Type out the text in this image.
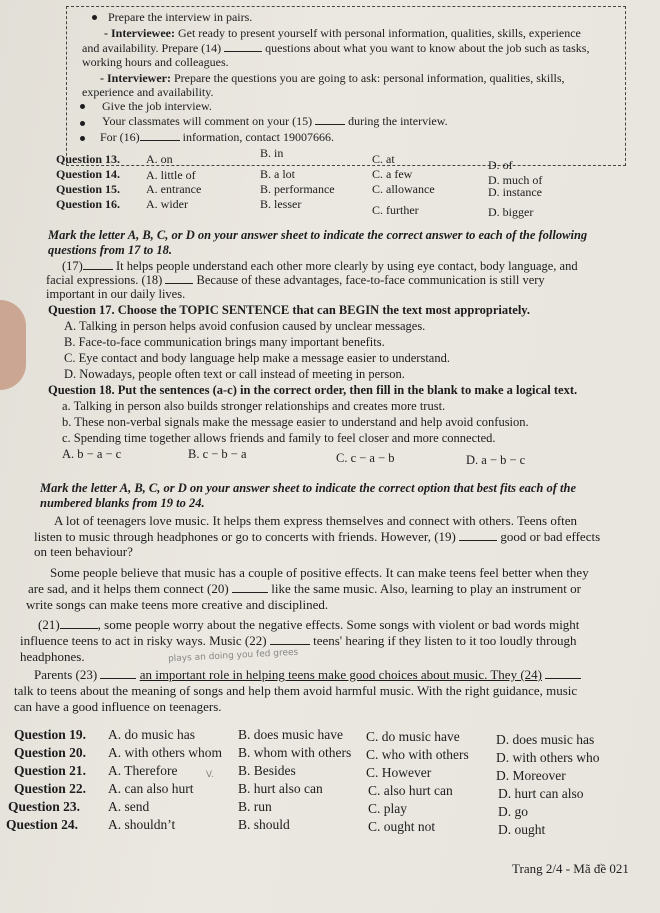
Prepare the interview in pairs.
- Interviewee: Get ready to present yourself with personal information, qualities, skills, experience
and availability. Prepare (14)	questions about what you want to know about the job such as tasks,
working hours and colleagues.
- Interviewer: Prepare the questions you are going to ask: personal information, qualities, skills,
experience and availability.
Give the job interview.
Your classmates will comment on your (15)	during the interview.
For (16)	information, contact 19007666.
Question 13. A. on	B. in	C. at	D. of
Question 14. A. little of	B. a lot	C. a few	D. much of
Question 15. A. entrance	B. performance	C. allowance	D. instance
Question 16. A. wider	B. lesser	C. further	D. bigger
Mark the letter A, B, C, or D on your answer sheet to indicate the correct answer to each of the following
questions from 17 to 18.
(17)	It helps people understand each other more clearly by using eye contact, body language, and
facial expressions. (18)	Because of these advantages, face-to-face communication is still very
important in our daily lives.
Question 17. Choose the TOPIC SENTENCE that can BEGIN the text most appropriately.
A. Talking in person helps avoid confusion caused by unclear messages.
B. Face-to-face communication brings many important benefits.
C. Eye contact and body language help make a message easier to understand.
D. Nowadays, people often text or call instead of meeting in person.
Question 18. Put the sentences (a-c) in the correct order, then fill in the blank to make a logical text.
a. Talking in person also builds stronger relationships and creates more trust.
b. These non-verbal signals make the message easier to understand and help avoid confusion.
c. Spending time together allows friends and family to feel closer and more connected.
A. b − a − c	B. c − b − a	C. c − a − b	D. a − b − c
Mark the letter A, B, C, or D on your answer sheet to indicate the correct option that best fits each of the
numbered blanks from 19 to 24.
A lot of teenagers love music. It helps them express themselves and connect with others. Teens often
listen to music through headphones or go to concerts with friends. However, (19)	good or bad effects
on teen behaviour?
Some people believe that music has a couple of positive effects. It can make teens feel better when they
are sad, and it helps them connect (20)	like the same music. Also, learning to play an instrument or
write songs can make teens more creative and disciplined.
(21)	, some people worry about the negative effects. Some songs with violent or bad words might
influence teens to act in risky ways. Music (22)	teens' hearing if they listen to it too loudly through
headphones.	plays an doing you fed grees
Parents (23)	an important role in helping teens make good choices about music. They (24)
talk to teens about the meaning of songs and help them avoid harmful music. With the right guidance, music
can have a good influence on teenagers.
Question 19. A. do music has	B. does music have C. do music have	D. does music has
Question 20. A. with others whom B. whom with others C. who with others D. with others who
Question 21. A. Therefore	B. Besides	C. However	D. Moreover
Question 22. A. can also hurt	B. hurt also can	C. also hurt can	D. hurt can also
Question 23. A. send	B. run	C. play	D. go
Question 24. A. shouldn’t	B. should	C. ought not	D. ought
V.
Trang 2/4 - Mã đề 021
